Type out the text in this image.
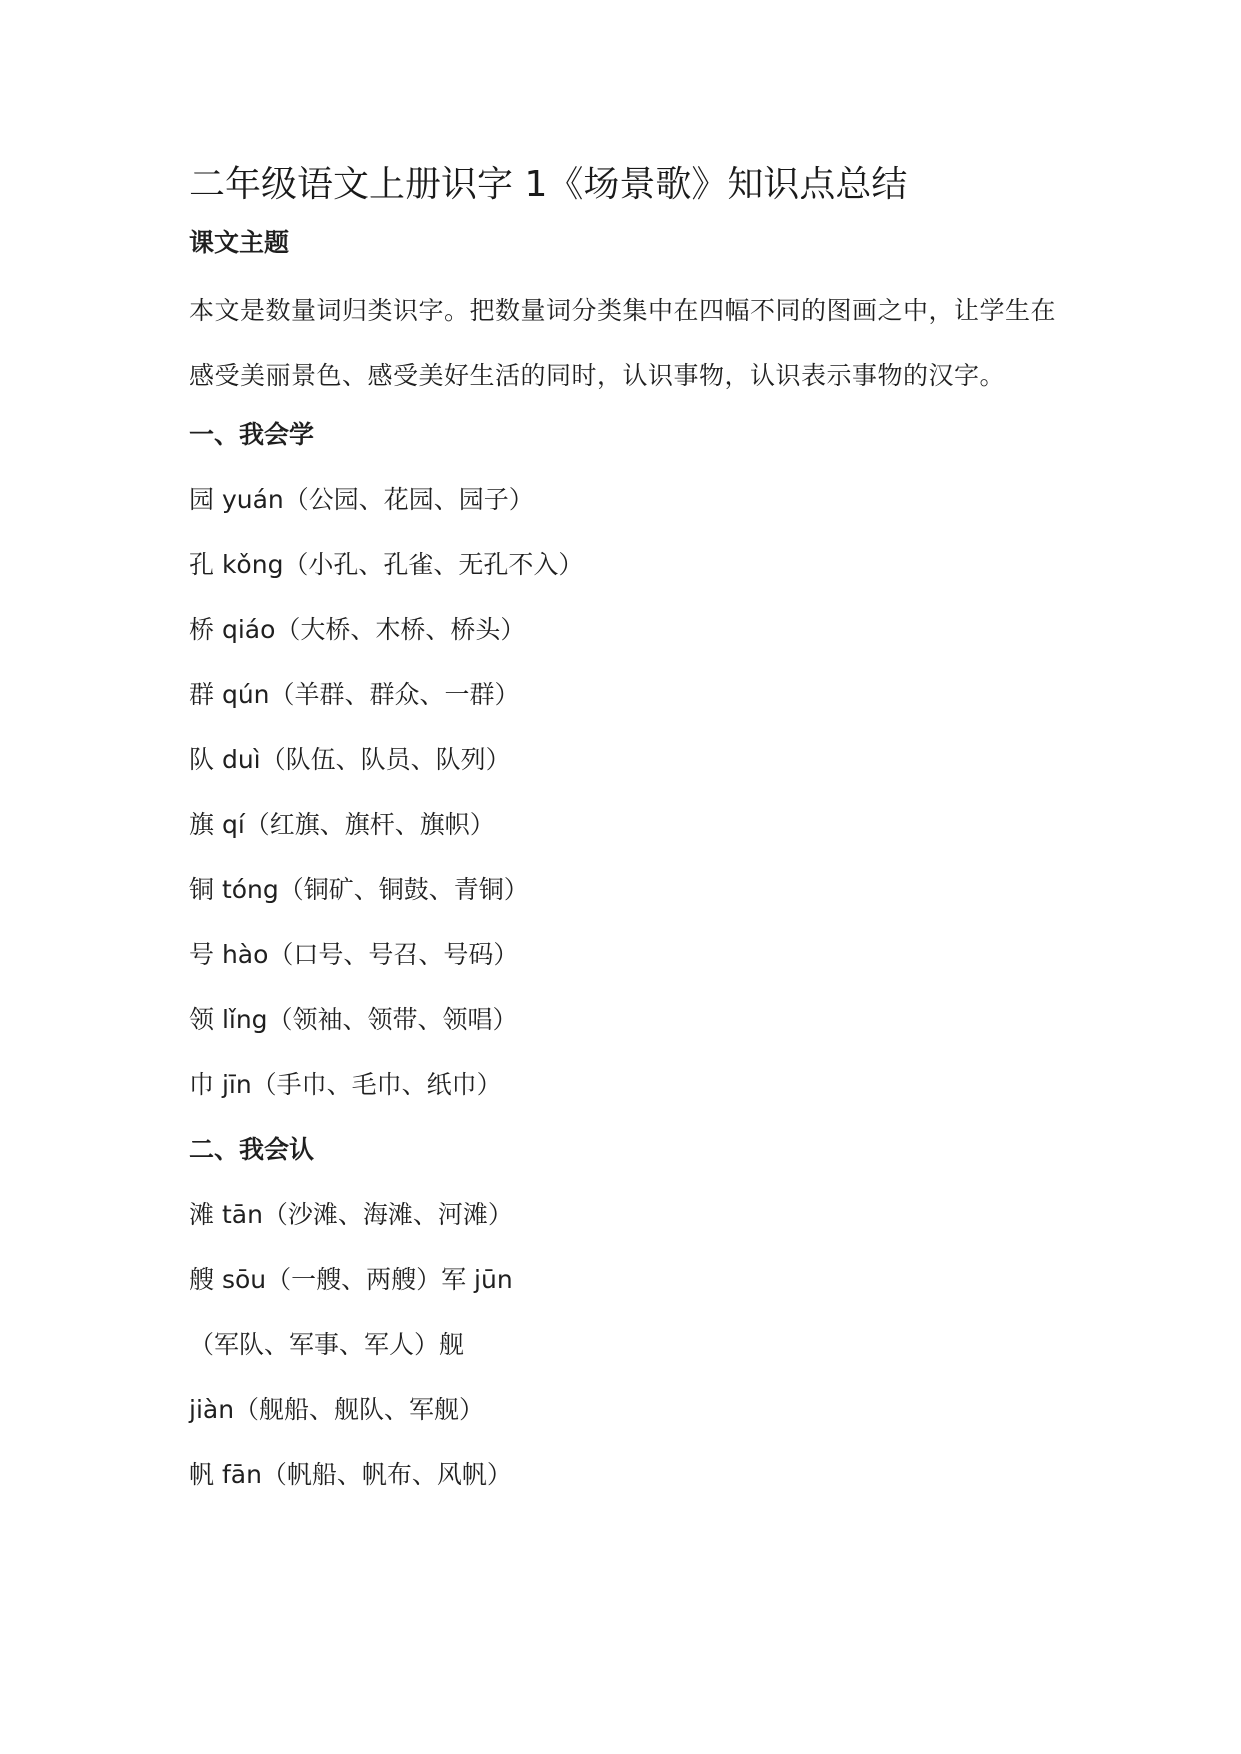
二年级语文上册识字 1《场景歌》知识点总结
课文主题

本文是数量词归类识字。把数量词分类集中在四幅不同的图画之中，让学生在感受美丽景色、感受美好生活的同时，认识事物，认识表示事物的汉字。

一、我会学
园 yuán（公园、花园、园子）
孔 kǒng（小孔、孔雀、无孔不入）
桥 qiáo（大桥、木桥、桥头）
群 qún（羊群、群众、一群）
队 duì（队伍、队员、队列）
旗 qí（红旗、旗杆、旗帜）
铜 tóng（铜矿、铜鼓、青铜）
号 hào（口号、号召、号码）
领 lǐng（领袖、领带、领唱）
巾 jīn（手巾、毛巾、纸巾）
二、我会认
滩 tān（沙滩、海滩、河滩）
艘 sōu（一艘、两艘）军 jūn
（军队、军事、军人）舰
jiàn（舰船、舰队、军舰）
帆 fān（帆船、帆布、风帆）
